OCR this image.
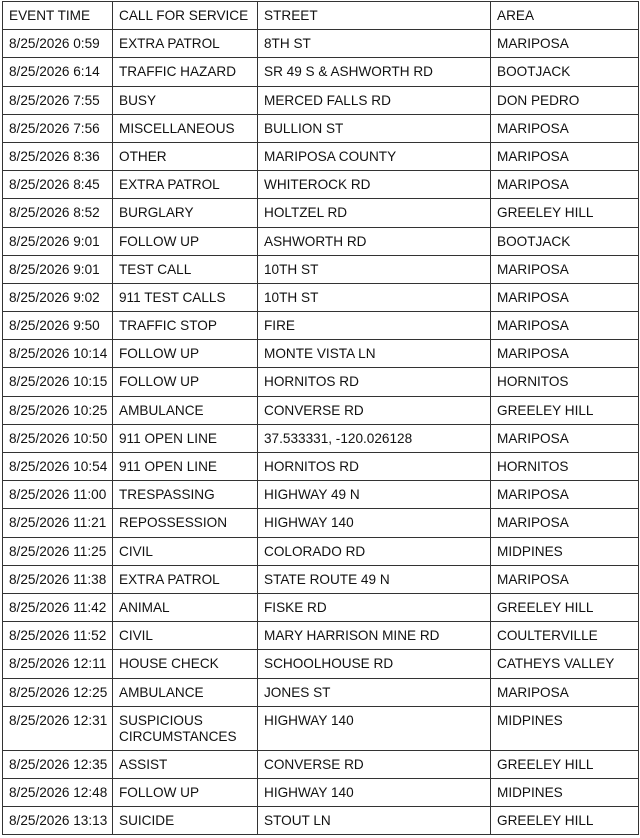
EVENT TIME	CALL FOR SERVICE	STREET	AREA
8/25/2026 0:59	EXTRA PATROL	8TH ST	MARIPOSA
8/25/2026 6:14	TRAFFIC HAZARD	SR 49 S & ASHWORTH RD	BOOTJACK
8/25/2026 7:55	BUSY	MERCED FALLS RD	DON PEDRO
8/25/2026 7:56	MISCELLANEOUS	BULLION ST	MARIPOSA
8/25/2026 8:36	OTHER	MARIPOSA COUNTY	MARIPOSA
8/25/2026 8:45	EXTRA PATROL	WHITEROCK RD	MARIPOSA
8/25/2026 8:52	BURGLARY	HOLTZEL RD	GREELEY HILL
8/25/2026 9:01	FOLLOW UP	ASHWORTH RD	BOOTJACK
8/25/2026 9:01	TEST CALL	10TH ST	MARIPOSA
8/25/2026 9:02	911 TEST CALLS	10TH ST	MARIPOSA
8/25/2026 9:50	TRAFFIC STOP	FIRE	MARIPOSA
8/25/2026 10:14	FOLLOW UP	MONTE VISTA LN	MARIPOSA
8/25/2026 10:15	FOLLOW UP	HORNITOS RD	HORNITOS
8/25/2026 10:25	AMBULANCE	CONVERSE RD	GREELEY HILL
8/25/2026 10:50	911 OPEN LINE	37.533331, -120.026128	MARIPOSA
8/25/2026 10:54	911 OPEN LINE	HORNITOS RD	HORNITOS
8/25/2026 11:00	TRESPASSING	HIGHWAY 49 N	MARIPOSA
8/25/2026 11:21	REPOSSESSION	HIGHWAY 140	MARIPOSA
8/25/2026 11:25	CIVIL	COLORADO RD	MIDPINES
8/25/2026 11:38	EXTRA PATROL	STATE ROUTE 49 N	MARIPOSA
8/25/2026 11:42	ANIMAL	FISKE RD	GREELEY HILL
8/25/2026 11:52	CIVIL	MARY HARRISON MINE RD	COULTERVILLE
8/25/2026 12:11	HOUSE CHECK	SCHOOLHOUSE RD	CATHEYS VALLEY
8/25/2026 12:25	AMBULANCE	JONES ST	MARIPOSA
8/25/2026 12:31	SUSPICIOUS CIRCUMSTANCES	HIGHWAY 140	MIDPINES
8/25/2026 12:35	ASSIST	CONVERSE RD	GREELEY HILL
8/25/2026 12:48	FOLLOW UP	HIGHWAY 140	MIDPINES
8/25/2026 13:13	SUICIDE	STOUT LN	GREELEY HILL
